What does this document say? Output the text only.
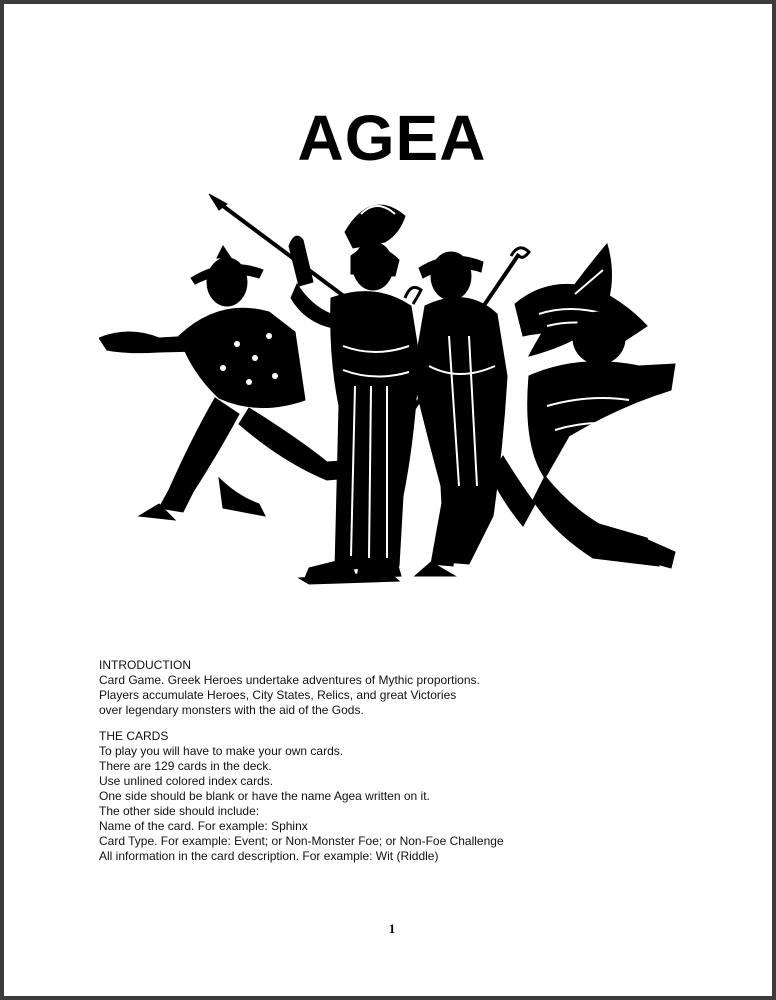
AGEA
INTRODUCTION
Card Game. Greek Heroes undertake adventures of Mythic proportions.
Players accumulate Heroes, City States, Relics, and great Victories
over legendary monsters with the aid of the Gods.
THE CARDS
To play you will have to make your own cards.
There are 129 cards in the deck.
Use unlined colored index cards.
One side should be blank or have the name Agea written on it.
The other side should include:
Name of the card. For example: Sphinx
Card Type. For example: Event; or Non-Monster Foe; or Non-Foe Challenge
All information in the card description. For example: Wit (Riddle)
1
